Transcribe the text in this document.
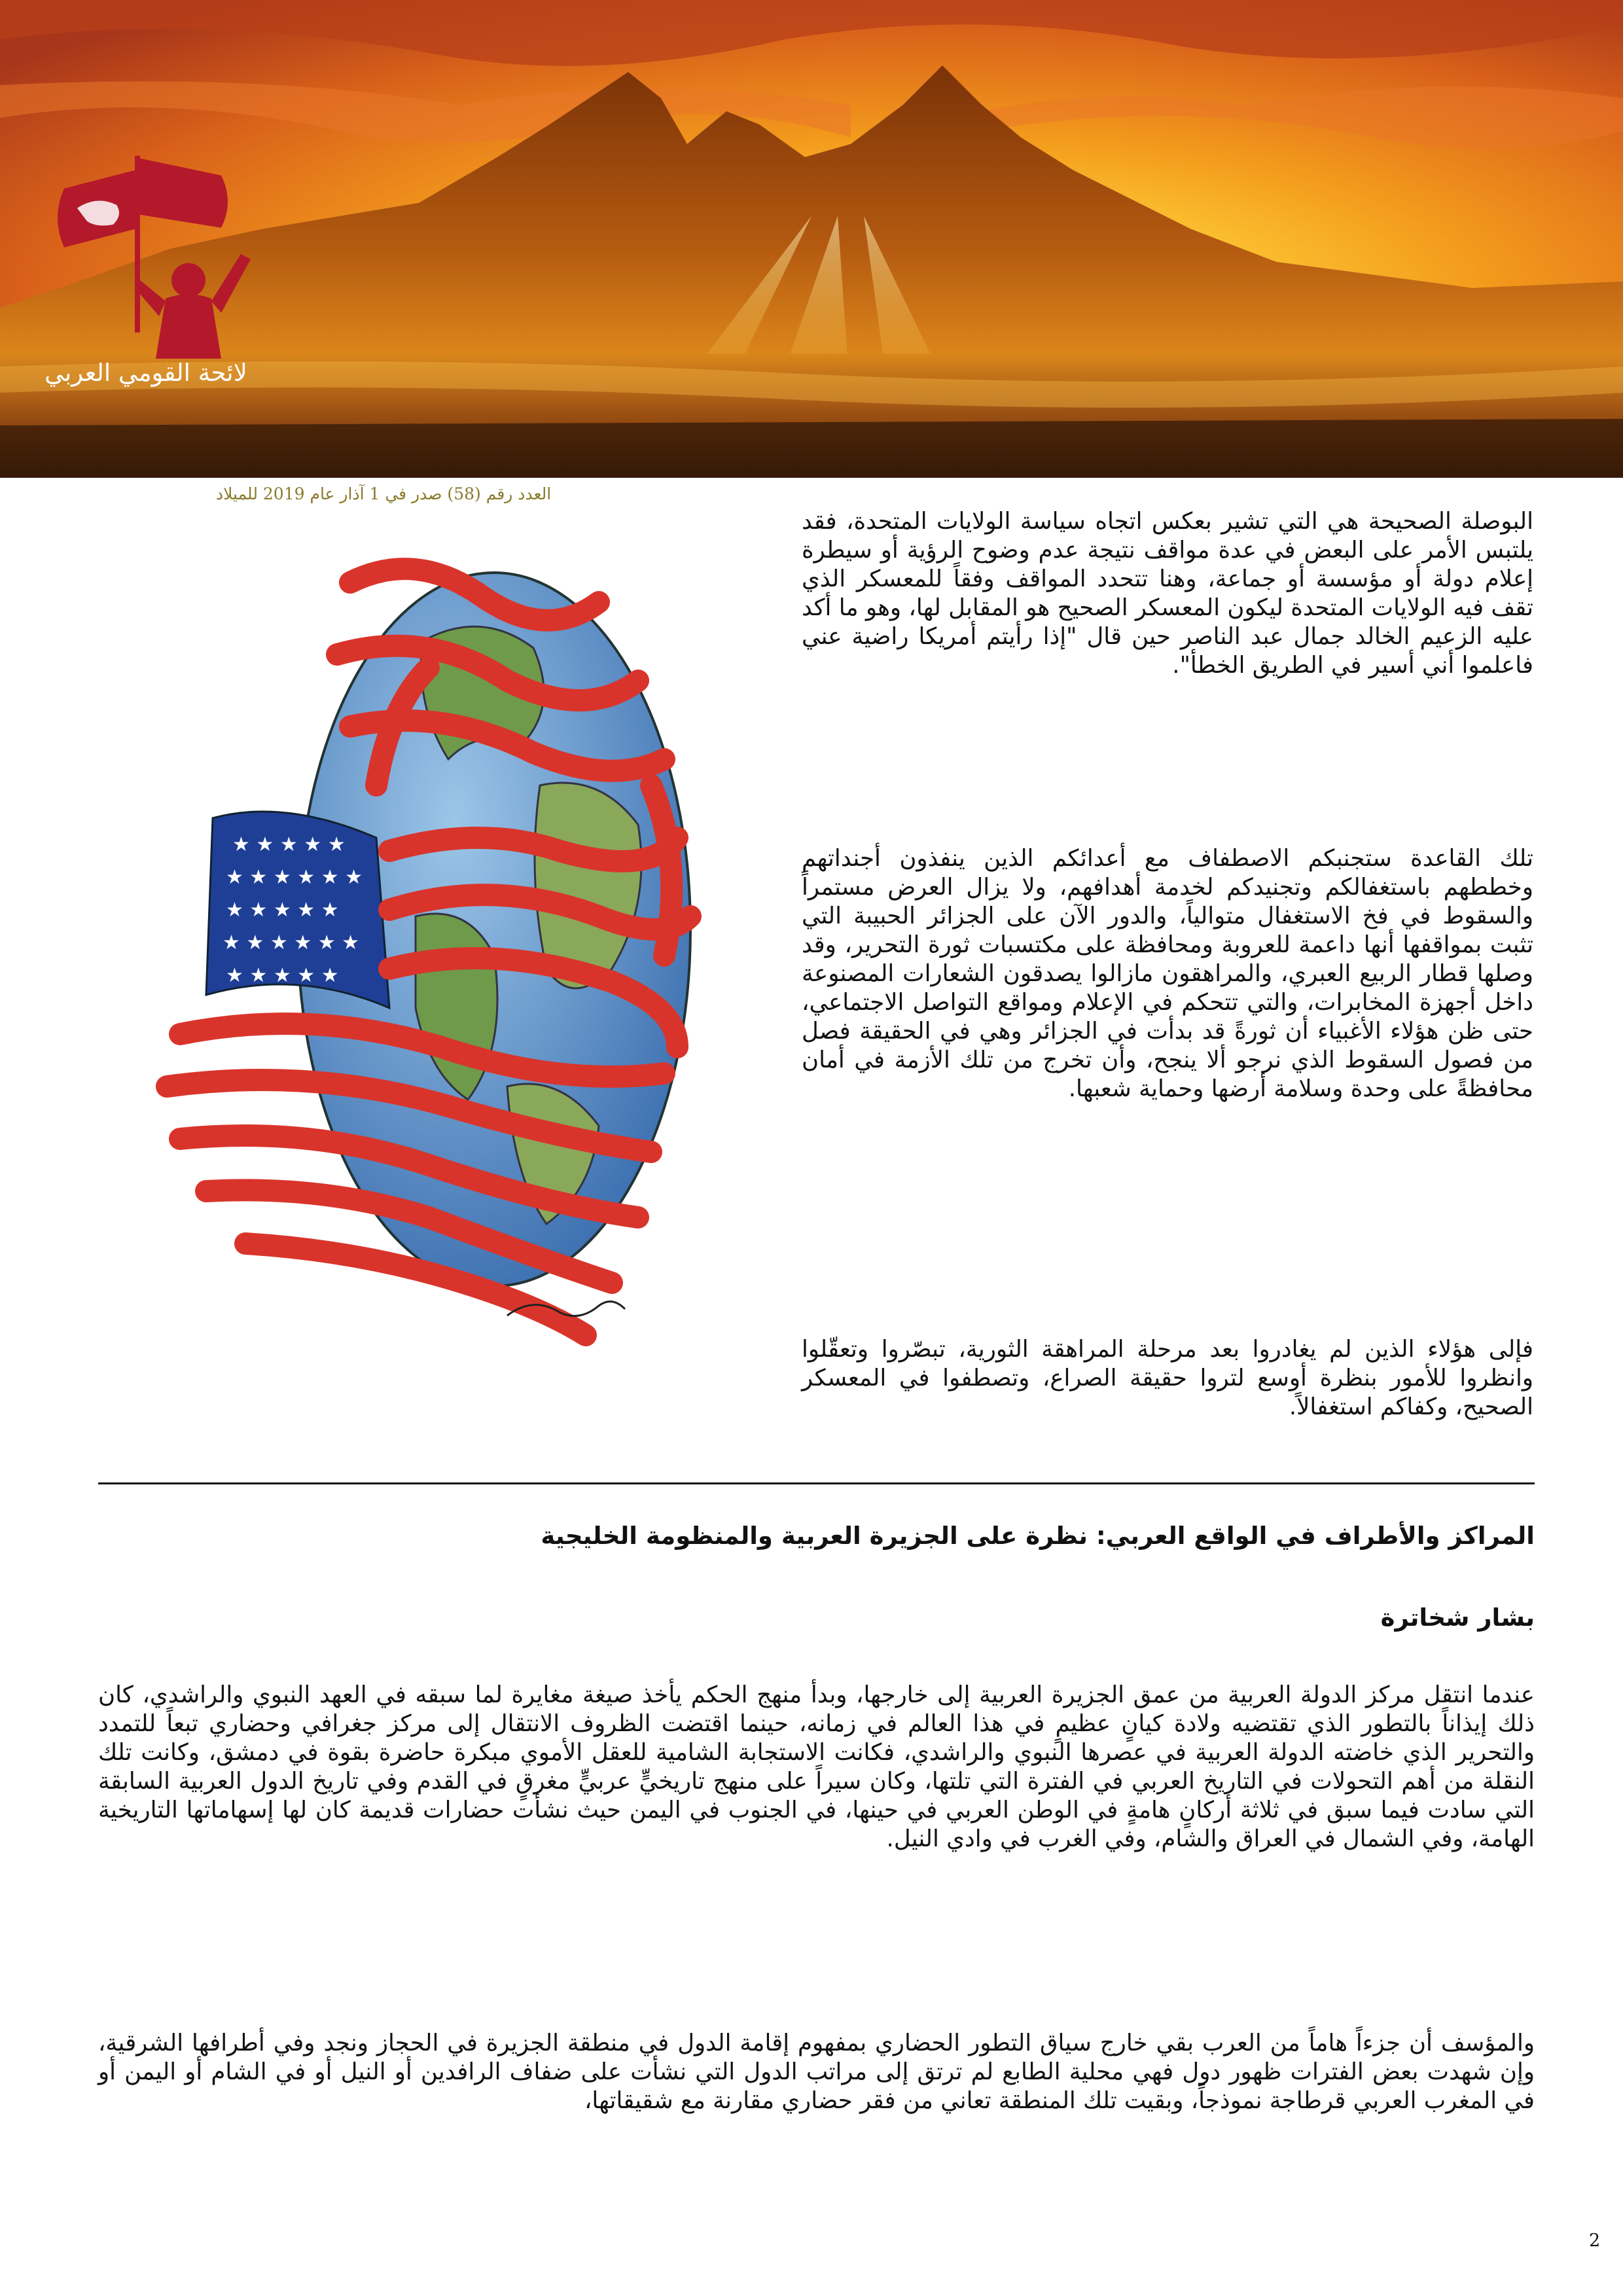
لائحة القومي العربي
العدد رقم (58) صدر في 1 آذار عام 2019 للميلاد
★ ★ ★ ★ ★
★ ★ ★ ★ ★ ★
★ ★ ★ ★ ★
★ ★ ★ ★ ★ ★
★ ★ ★ ★ ★

البوصلة الصحيحة هي التي تشير بعكس اتجاه سياسة الولايات المتحدة، فقد يلتبس الأمر على البعض في عدة مواقف نتيجة عدم وضوح الرؤية أو سيطرة إعلام دولة أو مؤسسة أو جماعة، وهنا تتحدد المواقف وفقاً للمعسكر الذي تقف فيه الولايات المتحدة ليكون المعسكر الصحيح هو المقابل لها، وهو ما أكد عليه الزعيم الخالد جمال عبد الناصر حين قال "إذا رأيتم أمريكا راضية عني فاعلموا أني أسير في الطريق الخطأ".

تلك القاعدة ستجنبكم الاصطفاف مع أعدائكم الذين ينفذون أجنداتهم وخططهم باستغفالكم وتجنيدكم لخدمة أهدافهم، ولا يزال العرض مستمراً والسقوط في فخ الاستغفال متوالياً، والدور الآن على الجزائر الحبيبة التي تثبت بمواقفها أنها داعمة للعروبة ومحافظة على مكتسبات ثورة التحرير، وقد وصلها قطار الربيع العبري، والمراهقون مازالوا يصدقون الشعارات المصنوعة داخل أجهزة المخابرات، والتي تتحكم في الإعلام ومواقع التواصل الاجتماعي، حتى ظن هؤلاء الأغبياء أن ثورةً قد بدأت في الجزائر وهي في الحقيقة فصل من فصول السقوط الذي نرجو ألا ينجح، وأن تخرج من تلك الأزمة في أمان محافظةً على وحدة وسلامة أرضها وحماية شعبها.

فإلى هؤلاء الذين لم يغادروا بعد مرحلة المراهقة الثورية، تبصّروا وتعقّلوا وانظروا للأمور بنظرة أوسع لتروا حقيقة الصراع، وتصطفوا في المعسكر الصحيح، وكفاكم استغفالاً.

المراكز والأطراف في الواقع العربي: نظرة على الجزيرة العربية والمنظومة الخليجية
بشار شخاترة

عندما انتقل مركز الدولة العربية من عمق الجزيرة العربية إلى خارجها، وبدأ منهج الحكم يأخذ صيغة مغايرة لما سبقه في العهد النبوي والراشدي، كان ذلك إيذاناً بالتطور الذي تقتضيه ولادة كيانٍ عظيمٍ في هذا العالم في زمانه، حينما اقتضت الظروف الانتقال إلى مركز جغرافي وحضاري تبعاً للتمدد والتحرير الذي خاضته الدولة العربية في عصرها النبوي والراشدي، فكانت الاستجابة الشامية للعقل الأموي مبكرة حاضرة بقوة في دمشق، وكانت تلك النقلة من أهم التحولات في التاريخ العربي في الفترة التي تلتها، وكان سيراً على منهج تاريخيٍّ عربيٍّ مغرقٍ في القدم وفي تاريخ الدول العربية السابقة التي سادت فيما سبق في ثلاثة أركانٍ هامةٍ في الوطن العربي في حينها، في الجنوب في اليمن حيث نشأت حضارات قديمة كان لها إسهاماتها التاريخية الهامة، وفي الشمال في العراق والشام، وفي الغرب في وادي النيل.

والمؤسف أن جزءاً هاماً من العرب بقي خارج سياق التطور الحضاري بمفهوم إقامة الدول في منطقة الجزيرة في الحجاز ونجد وفي أطرافها الشرقية، وإن شهدت بعض الفترات ظهور دول فهي محلية الطابع لم ترتق إلى مراتب الدول التي نشأت على ضفاف الرافدين أو النيل أو في الشام أو اليمن أو في المغرب العربي قرطاجة نموذجاً، وبقيت تلك المنطقة تعاني من فقر حضاري مقارنة مع شقيقاتها،

2
